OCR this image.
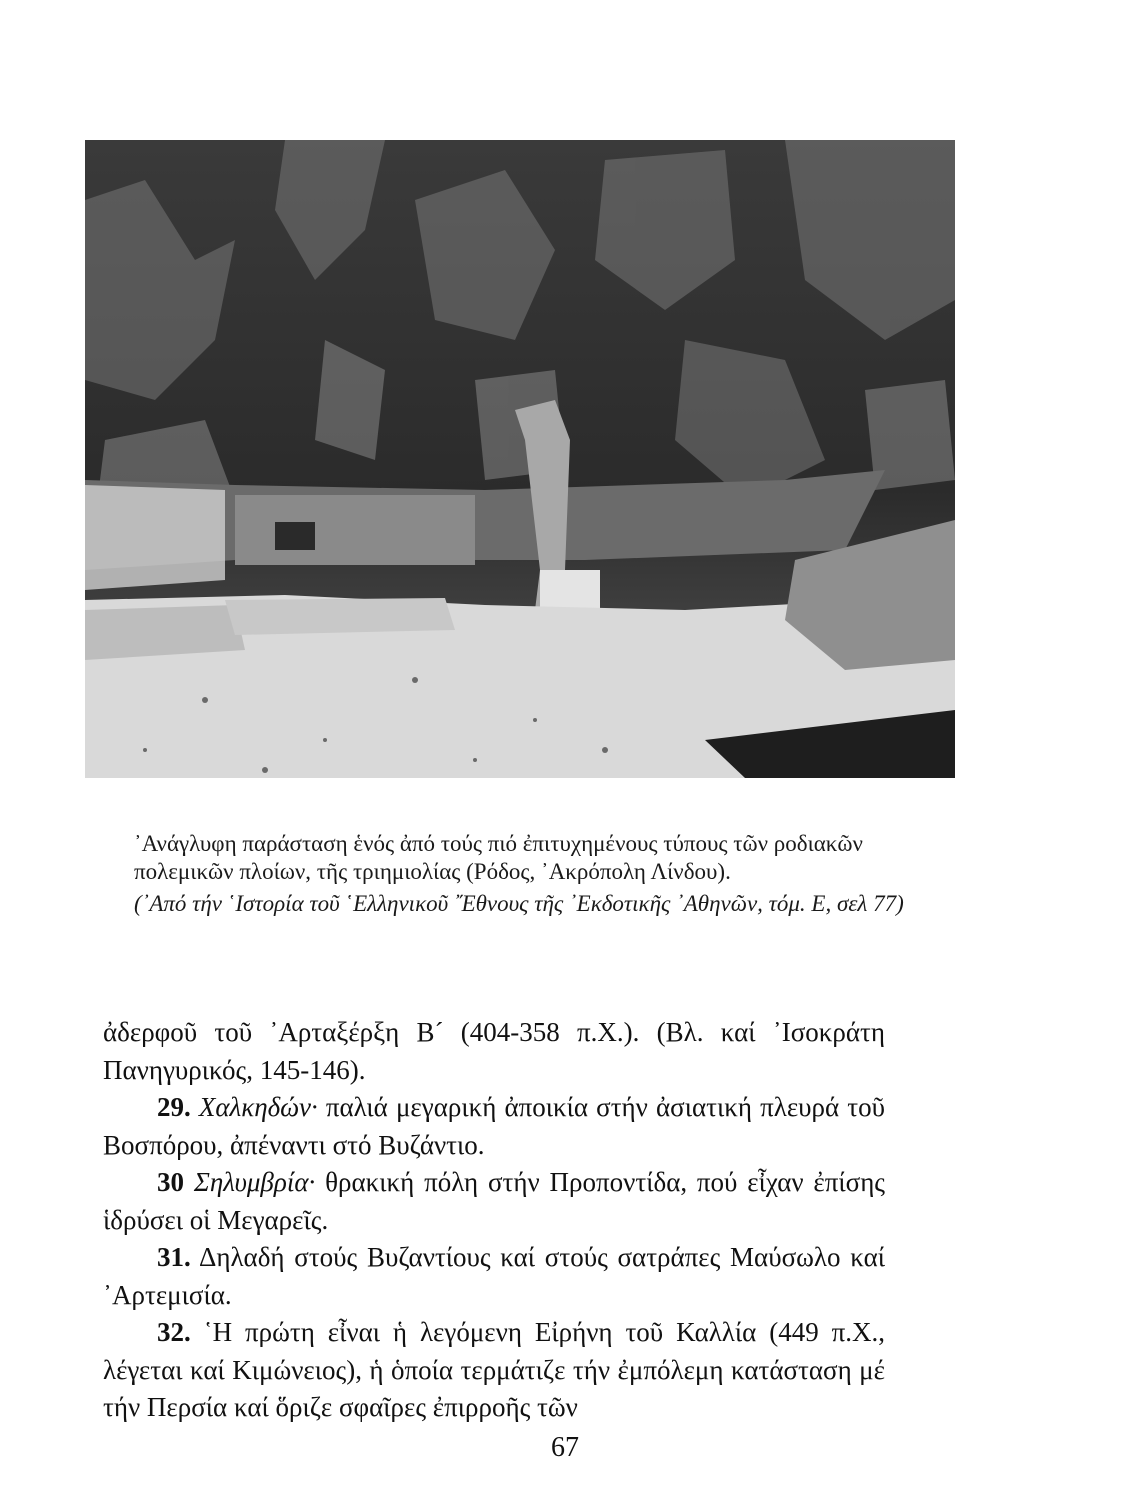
᾿Ανάγλυφη παράσταση ἑνός ἀπό τούς πιό ἐπιτυχημένους τύπους τῶν ροδιακῶν πολεμικῶν πλοίων, τῆς τριημιολίας (Ρόδος, ᾿Ακρόπολη Λίνδου).

(᾿Από τήν ῾Ιστορία τοῦ ῾Ελληνικοῦ ῎Εθνους τῆς ᾿Εκδοτικῆς ᾿Αθηνῶν, τόμ. Ε, σελ 77)

ἀδερφοῦ τοῦ ᾿Αρταξέρξη Β´ (404-358 π.Χ.). (Βλ. καί ᾿Ισοκράτη Πανηγυρικός, 145-146).

29. Χαλκηδών· παλιά μεγαρική ἀποικία στήν ἀσιατική πλευρά τοῦ Βοσπόρου, ἀπέναντι στό Βυζάντιο.

30 Σηλυμβρία· θρακική πόλη στήν Προποντίδα, πού εἶχαν ἐπίσης ἱδρύσει οἱ Μεγαρεῖς.

31. Δηλαδή στούς Βυζαντίους καί στούς σατράπες Μαύσωλο καί ᾿Αρτεμισία.

32. ῾Η πρώτη εἶναι ἡ λεγόμενη Εἰρήνη τοῦ Καλλία (449 π.Χ., λέγεται καί Κιμώνειος), ἡ ὁποία τερμάτιζε τήν ἐμπόλεμη κατάσταση μέ τήν Περσία καί ὅριζε σφαῖρες ἐπιρροῆς τῶν

67
